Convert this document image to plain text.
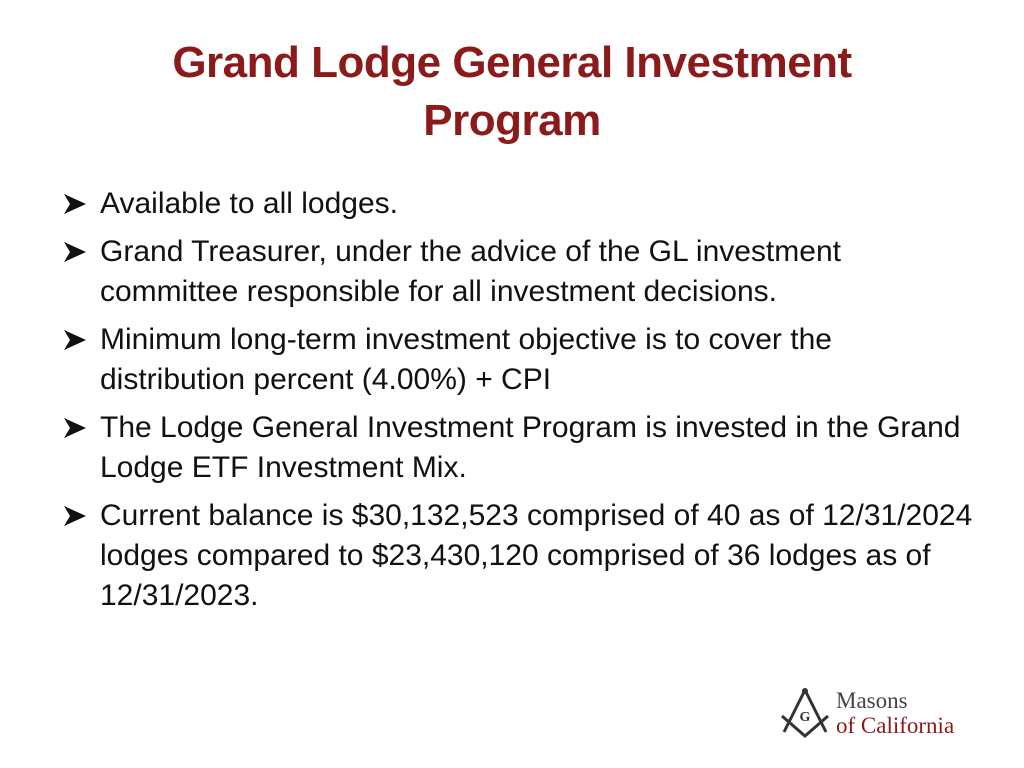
Grand Lodge General Investment
Program
Available to all lodges.
Grand Treasurer, under the advice of the GL investment committee responsible for all investment decisions.
Minimum long-term investment objective is to cover the distribution percent (4.00%) + CPI
The Lodge General Investment Program is invested in the Grand Lodge ETF Investment Mix.
Current balance is $30,132,523 comprised of 40 as of 12/31/2024 lodges compared to $23,430,120 comprised of 36 lodges as of 12/31/2023.
G
Masons
of California
